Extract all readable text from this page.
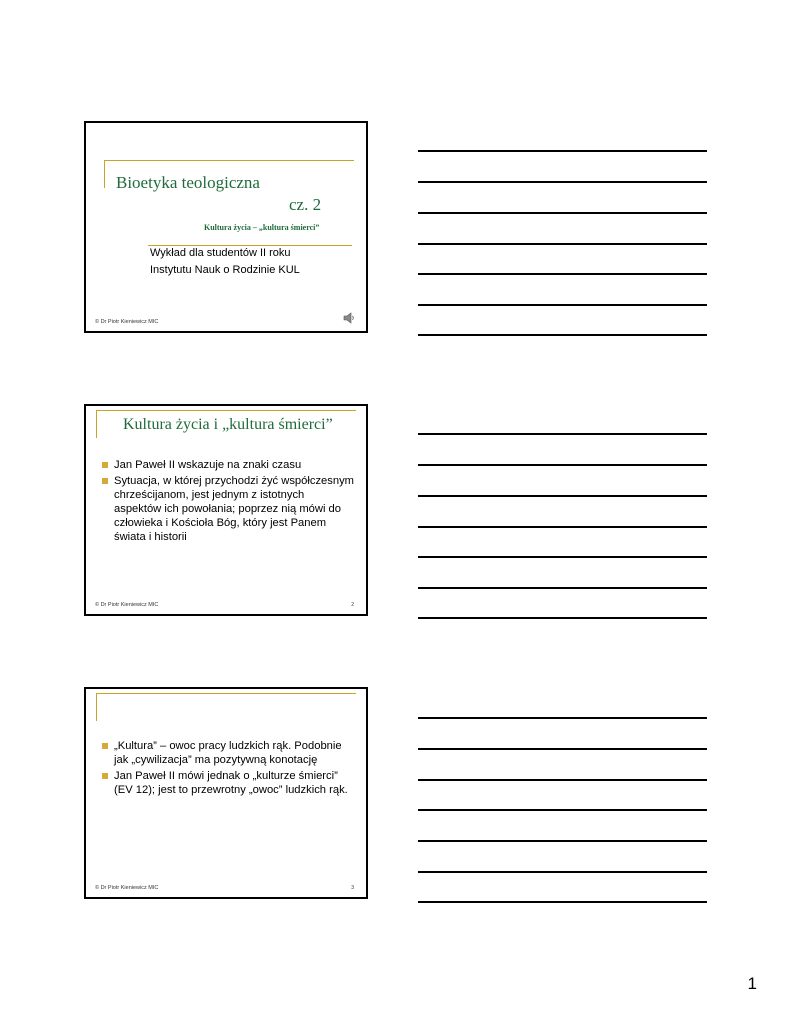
Bioetyka teologiczna
cz. 2
Kultura życia – „kultura śmierci”
Wykład dla studentów II roku
Instytutu Nauk o Rodzinie KUL
© Dr Piotr Kieniewicz MIC
Kultura życia i „kultura śmierci”
Jan Paweł II wskazuje na znaki czasu
Sytuacja, w której przychodzi żyć współczesnym chrześcijanom, jest jednym z istotnych aspektów ich powołania; poprzez nią mówi do człowieka i Kościoła Bóg, który jest Panem świata i historii
© Dr Piotr Kieniewicz MIC	2
„Kultura” – owoc pracy ludzkich rąk. Podobnie jak „cywilizacja” ma pozytywną konotację
Jan Paweł II mówi jednak o „kulturze śmierci” (EV 12); jest to przewrotny „owoc” ludzkich rąk.
© Dr Piotr Kieniewicz MIC	3
1
